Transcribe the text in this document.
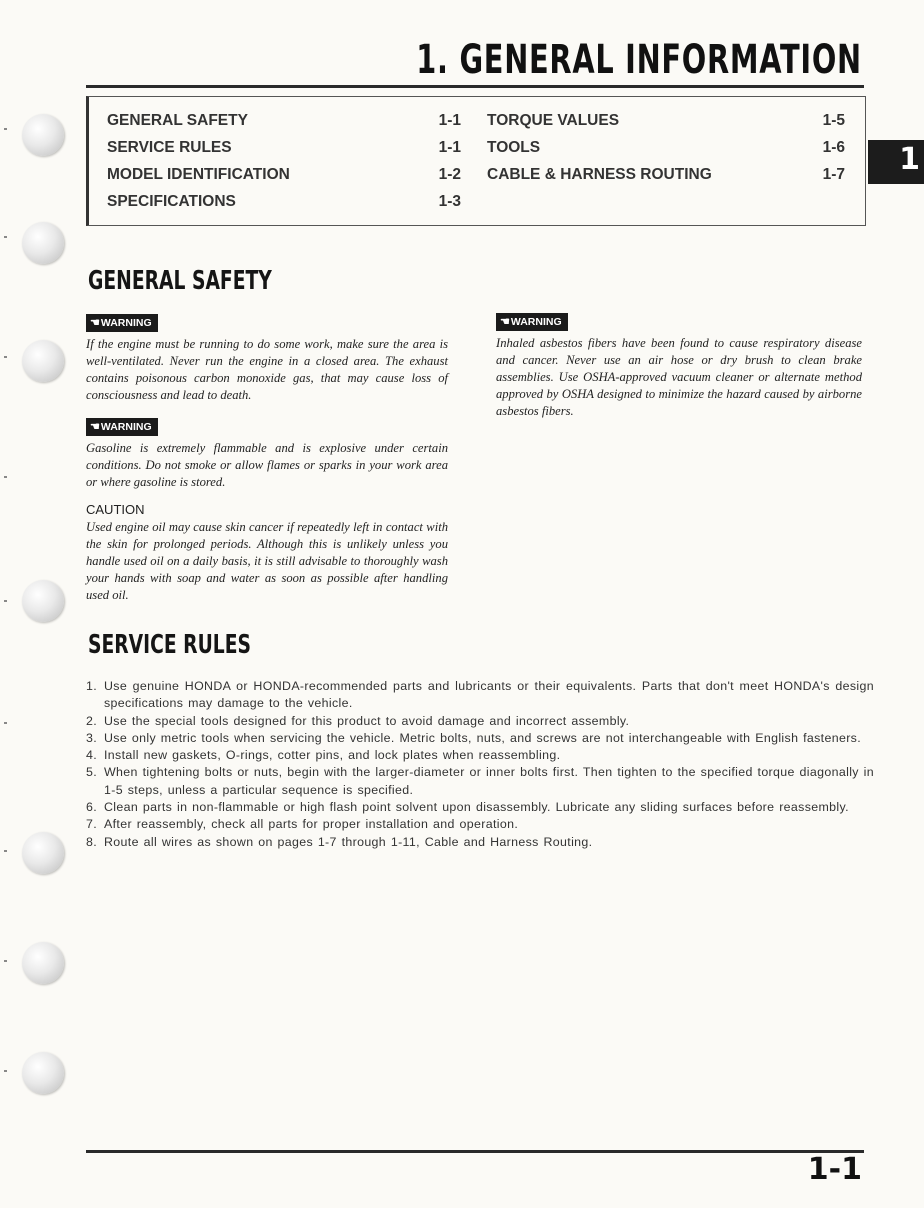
1. GENERAL INFORMATION
1
GENERAL SAFETY	1-1
SERVICE RULES	1-1
MODEL IDENTIFICATION	1-2
SPECIFICATIONS	1-3
TORQUE VALUES	1-5
TOOLS	1-6
CABLE & HARNESS ROUTING	1-7
GENERAL SAFETY
☚WARNING
If the engine must be running to do some work, make sure the area is well-ventilated. Never run the engine in a closed area. The exhaust contains poisonous carbon monoxide gas, that may cause loss of consciousness and lead to death.
☚WARNING
Gasoline is extremely flammable and is explosive under certain conditions. Do not smoke or allow flames or sparks in your work area or where gasoline is stored.
CAUTION
Used engine oil may cause skin cancer if repeatedly left in contact with the skin for prolonged periods. Although this is unlikely unless you handle used oil on a daily basis, it is still advisable to thoroughly wash your hands with soap and water as soon as possible after handling used oil.
☚WARNING
Inhaled asbestos fibers have been found to cause respiratory disease and cancer. Never use an air hose or dry brush to clean brake assemblies. Use OSHA-approved vacuum cleaner or alternate method approved by OSHA designed to minimize the hazard caused by airborne asbestos fibers.
SERVICE RULES
1. Use genuine HONDA or HONDA-recommended parts and lubricants or their equivalents. Parts that don't meet HONDA's design specifications may damage to the vehicle.
2. Use the special tools designed for this product to avoid damage and incorrect assembly.
3. Use only metric tools when servicing the vehicle. Metric bolts, nuts, and screws are not interchangeable with English fasteners.
4. Install new gaskets, O-rings, cotter pins, and lock plates when reassembling.
5. When tightening bolts or nuts, begin with the larger-diameter or inner bolts first. Then tighten to the specified torque diagonally in 1-5 steps, unless a particular sequence is specified.
6. Clean parts in non-flammable or high flash point solvent upon disassembly. Lubricate any sliding surfaces before reassembly.
7. After reassembly, check all parts for proper installation and operation.
8. Route all wires as shown on pages 1-7 through 1-11, Cable and Harness Routing.
1-1
